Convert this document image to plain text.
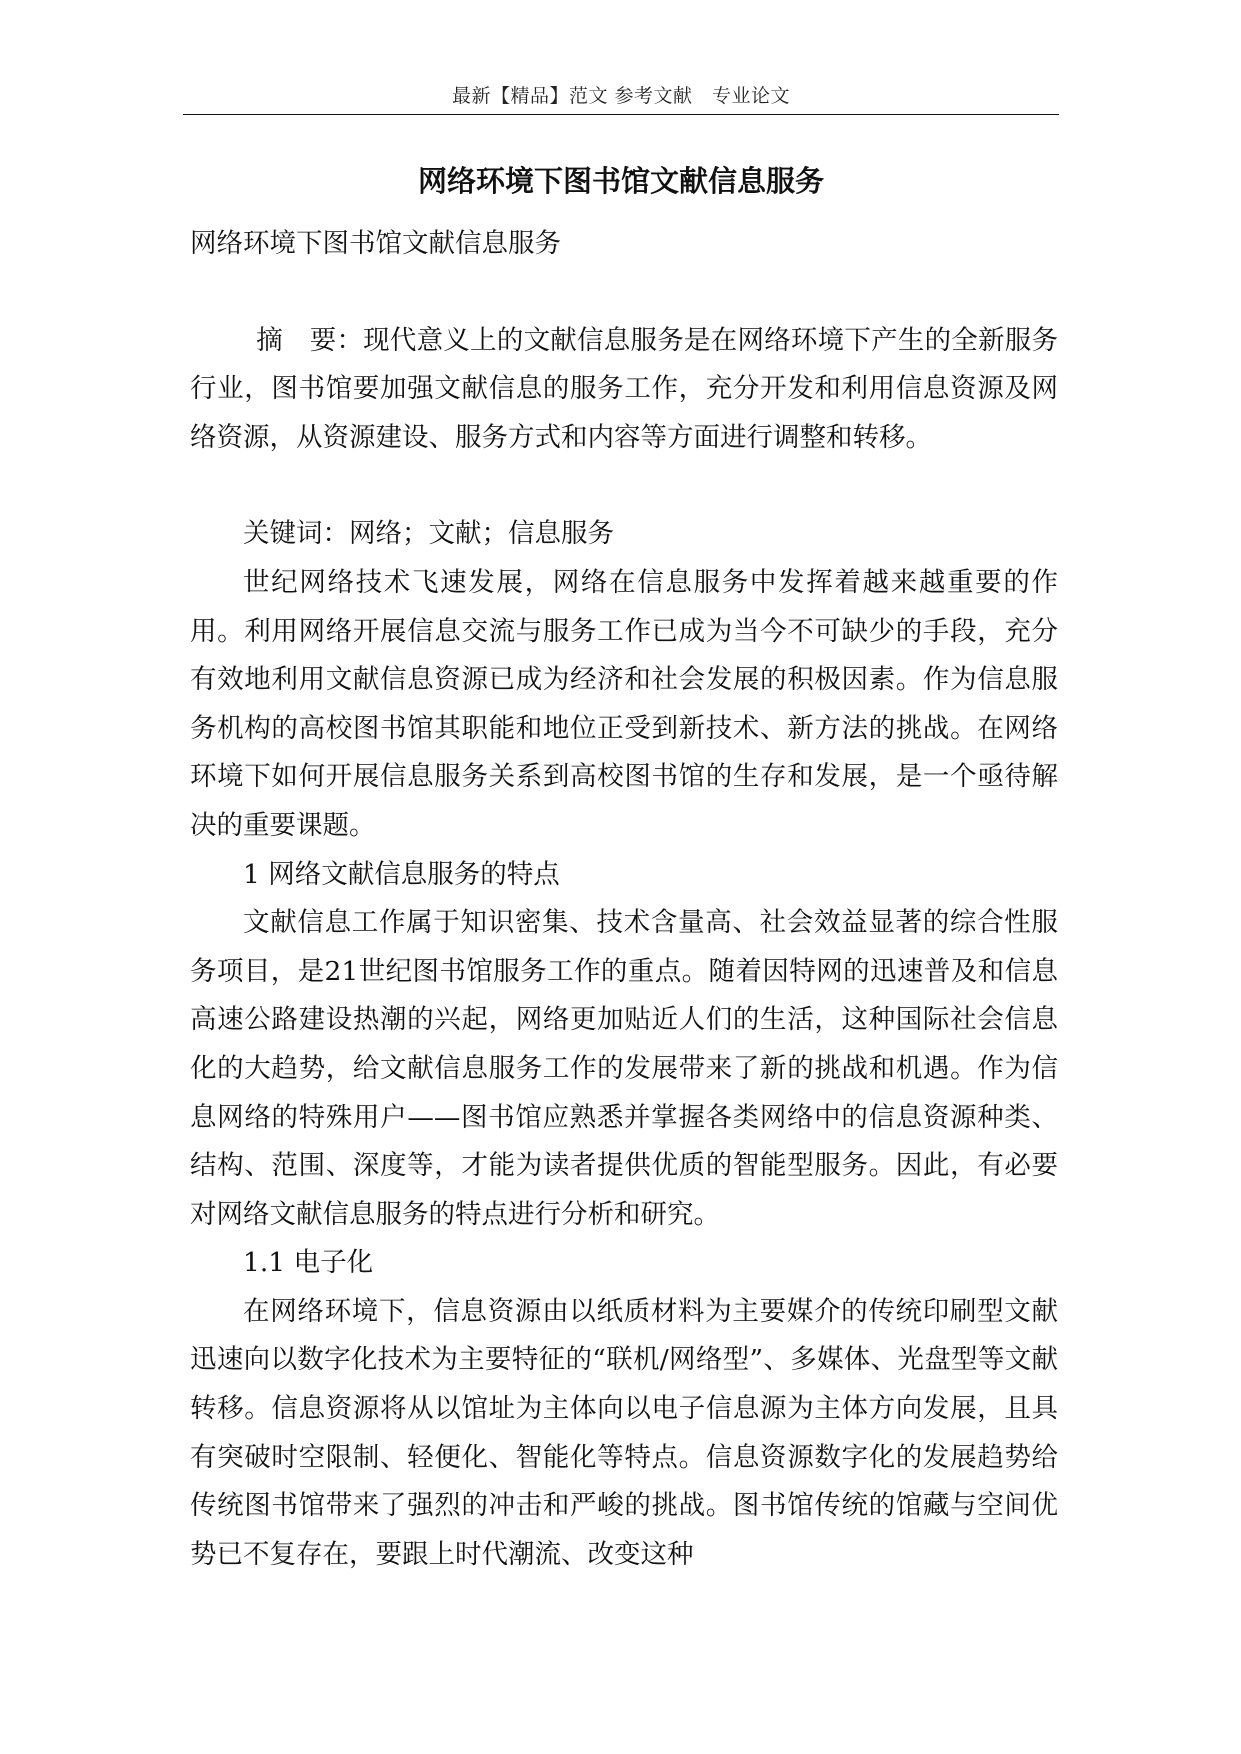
最新【精品】范文 参考文献　专业论文
网络环境下图书馆文献信息服务

网络环境下图书馆文献信息服务

摘　要：现代意义上的文献信息服务是在网络环境下产生的全新服务行业，图书馆要加强文献信息的服务工作，充分开发和利用信息资源及网络资源，从资源建设、服务方式和内容等方面进行调整和转移。

关键词：网络；文献；信息服务

世纪网络技术飞速发展，网络在信息服务中发挥着越来越重要的作用。利用网络开展信息交流与服务工作已成为当今不可缺少的手段，充分有效地利用文献信息资源已成为经济和社会发展的积极因素。作为信息服务机构的高校图书馆其职能和地位正受到新技术、新方法的挑战。在网络环境下如何开展信息服务关系到高校图书馆的生存和发展，是一个亟待解决的重要课题。

1 网络文献信息服务的特点

文献信息工作属于知识密集、技术含量高、社会效益显著的综合性服务项目，是21世纪图书馆服务工作的重点。随着因特网的迅速普及和信息高速公路建设热潮的兴起，网络更加贴近人们的生活，这种国际社会信息化的大趋势，给文献信息服务工作的发展带来了新的挑战和机遇。作为信息网络的特殊用户——图书馆应熟悉并掌握各类网络中的信息资源种类、结构、范围、深度等，才能为读者提供优质的智能型服务。因此，有必要对网络文献信息服务的特点进行分析和研究。

1.1 电子化

在网络环境下，信息资源由以纸质材料为主要媒介的传统印刷型文献迅速向以数字化技术为主要特征的“联机/网络型”、多媒体、光盘型等文献转移。信息资源将从以馆址为主体向以电子信息源为主体方向发展，且具有突破时空限制、轻便化、智能化等特点。信息资源数字化的发展趋势给传统图书馆带来了强烈的冲击和严峻的挑战。图书馆传统的馆藏与空间优势已不复存在，要跟上时代潮流、改变这种
